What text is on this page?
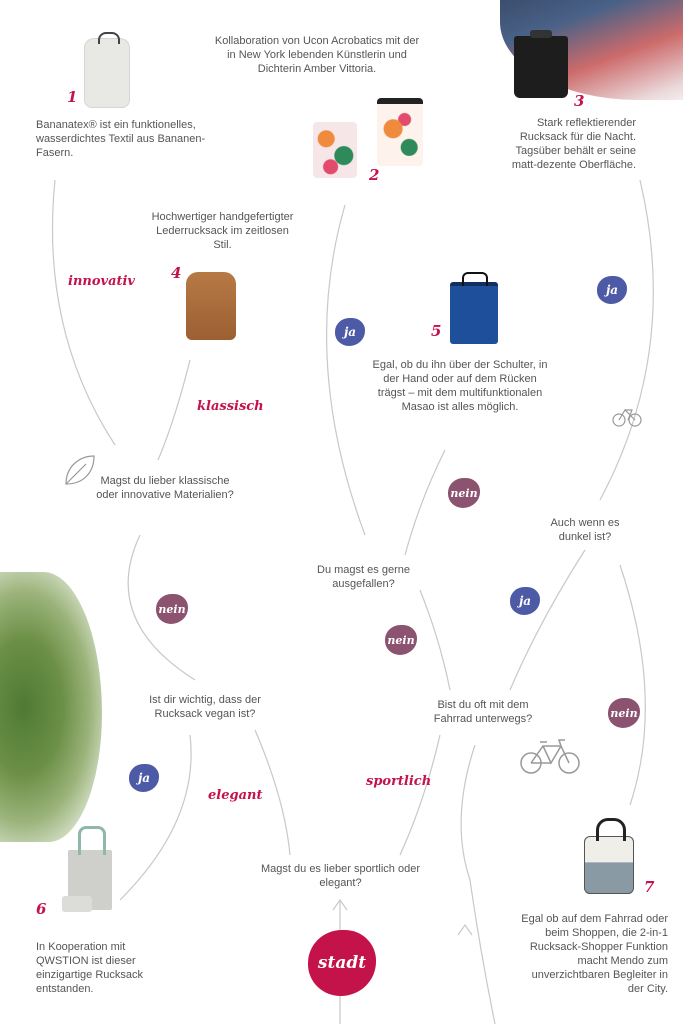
1
Bananatex® ist ein funktionelles, wasserdichtes Textil aus Bananen-Fasern.
Kollaboration von Ucon Acrobatics mit der in New York lebenden Künstlerin und Dichterin Amber Vittoria.
2
3
Stark reflektierender Rucksack für die Nacht. Tagsüber behält er seine matt-dezente Oberfläche.
Hochwertiger handgefertigter Lederrucksack im zeitlosen Stil.
4
5
Egal, ob du ihn über der Schulter, in der Hand oder auf dem Rücken trägst – mit dem multifunktionalen Masao ist alles möglich.
innovativ
klassisch
ja
ja
nein
Magst du lieber klassische oder innovative Materialien?
Auch wenn es dunkel ist?
Du magst es gerne ausgefallen?
nein
ja
nein
Ist dir wichtig, dass der Rucksack vegan ist?
Bist du oft mit dem Fahrrad unterwegs?	nein
ja
elegant
sportlich
6
In Kooperation mit QWSTION ist dieser einzigartige Rucksack entstanden.
Magst du es lieber sportlich oder elegant?	7
Egal ob auf dem Fahrrad oder beim Shoppen, die 2-in-1 Rucksack-Shopper Funktion macht Mendo zum unverzichtbaren Begleiter in der City.
stadt
